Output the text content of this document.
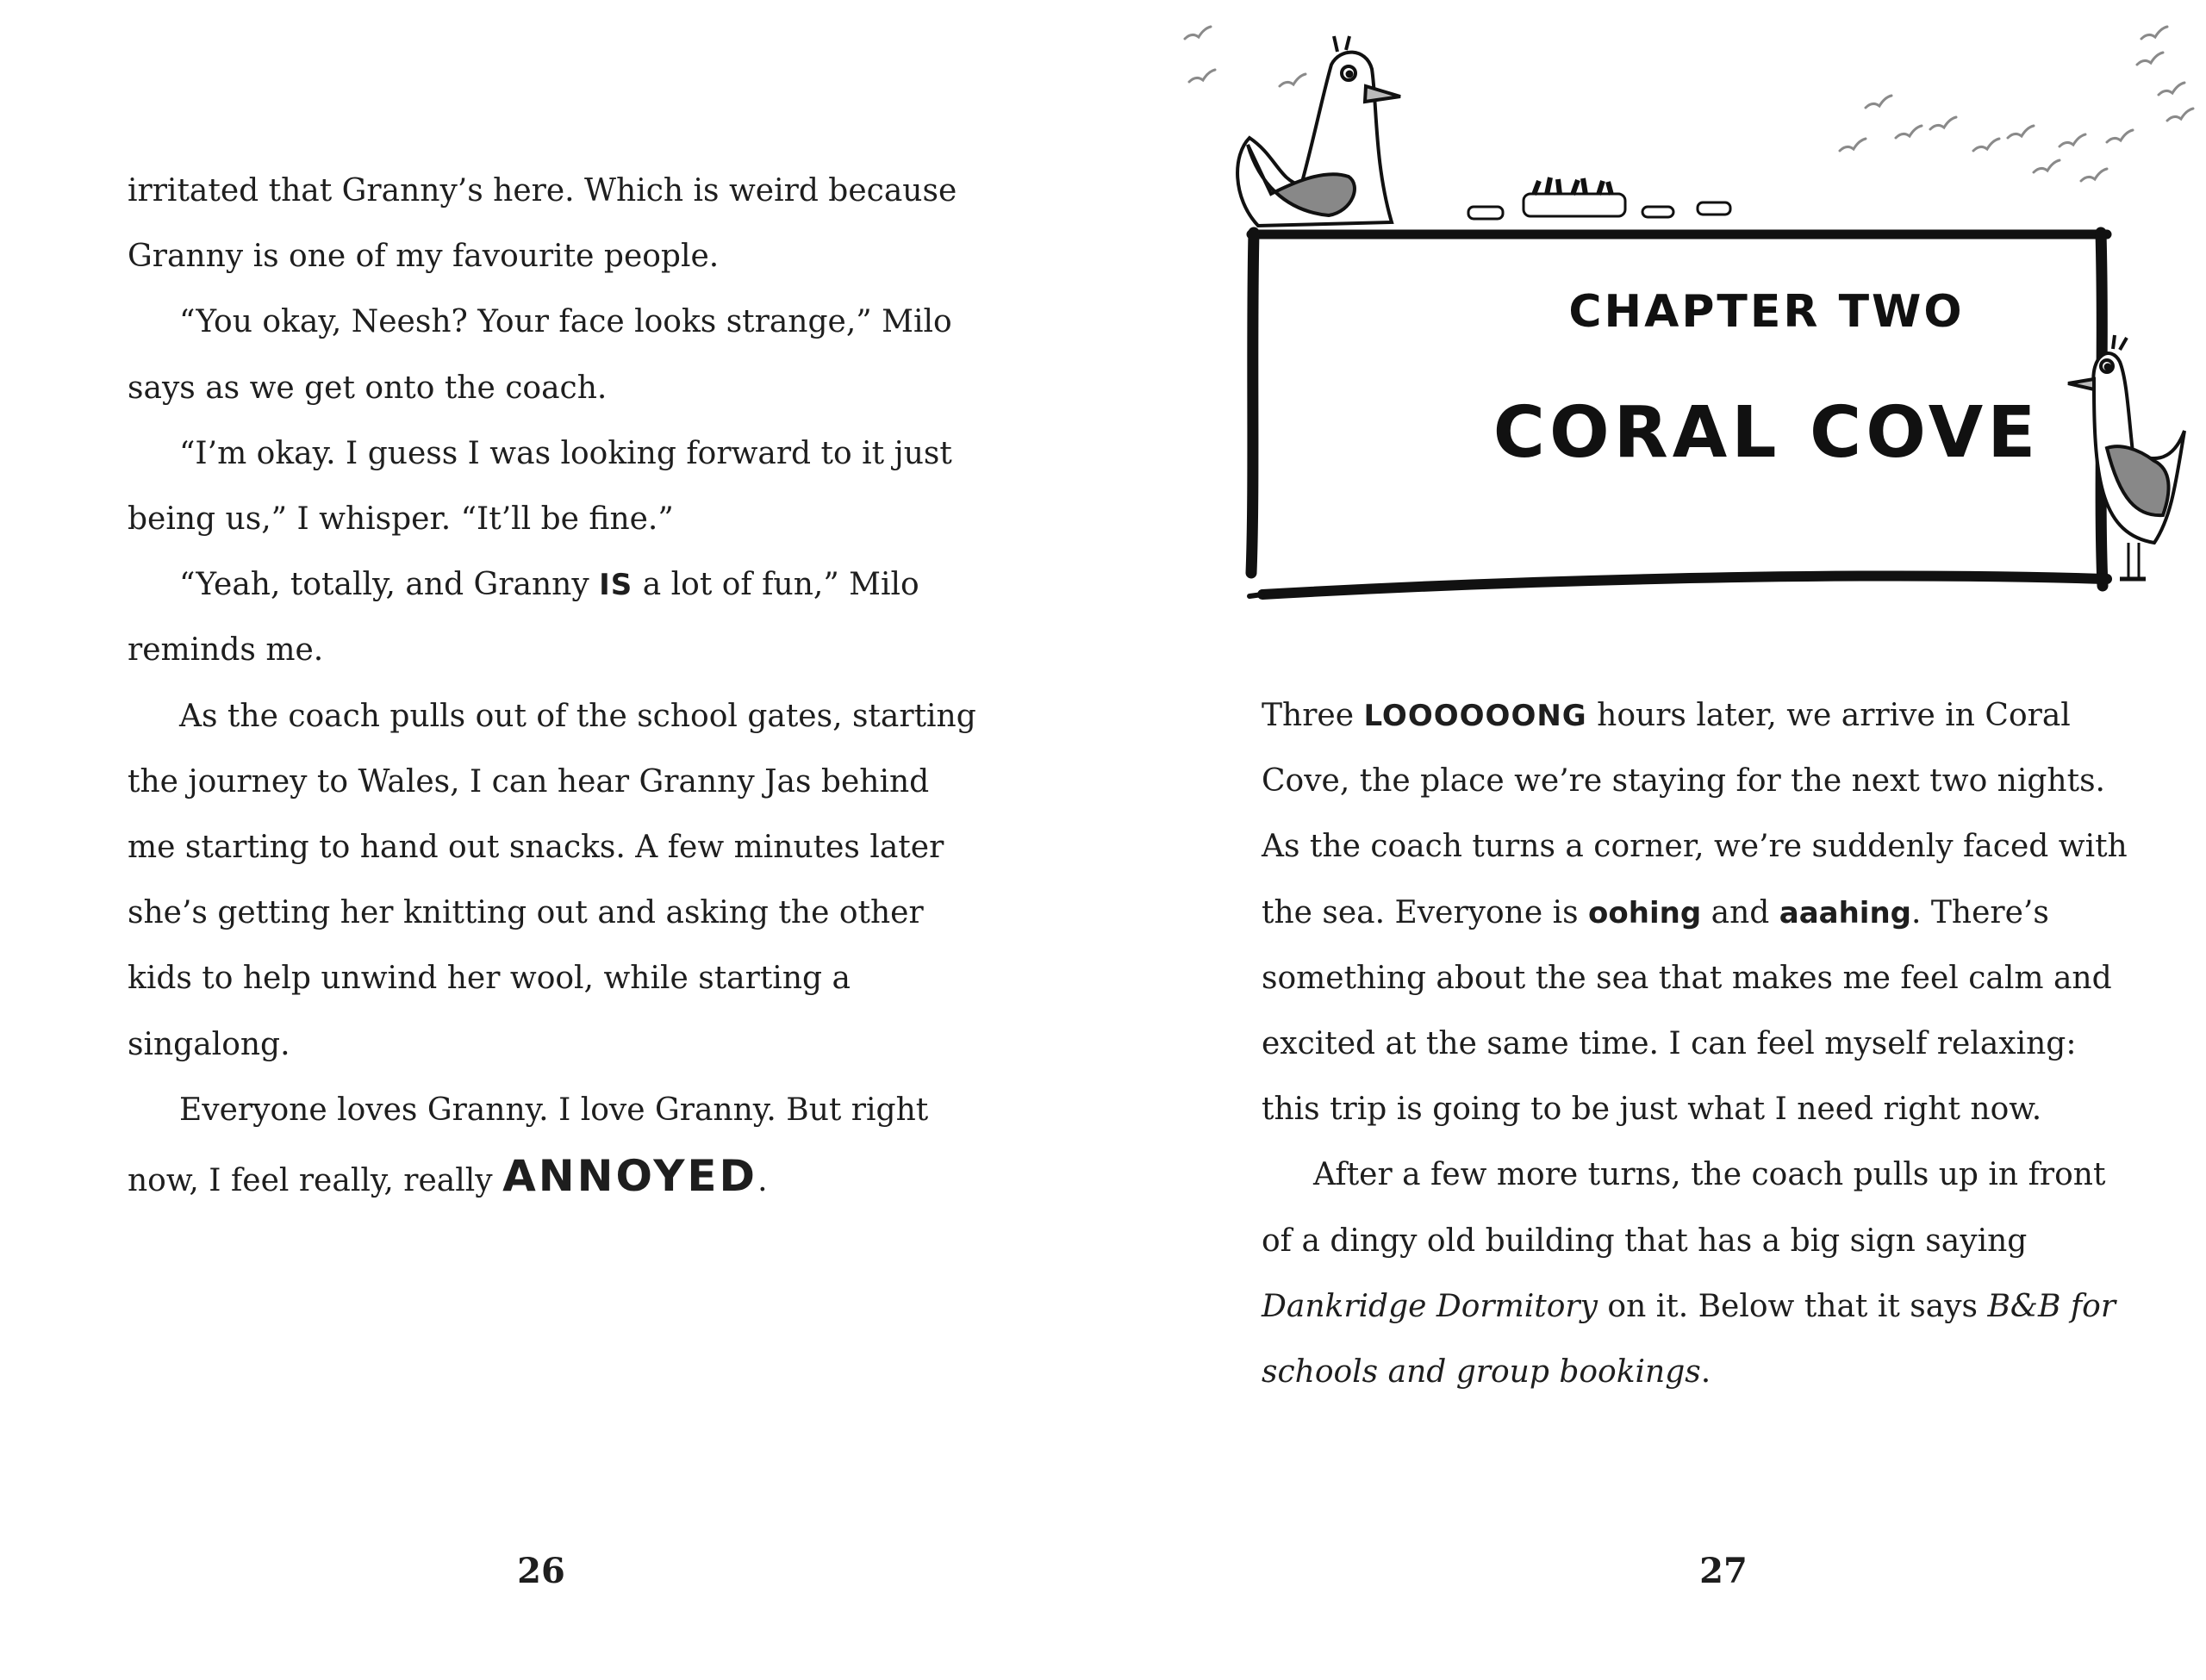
irritated that Granny’s here. Which is weird because Granny is one of my favourite people.

“You okay, Neesh? Your face looks strange,” Milo says as we get onto the coach.

“I’m okay. I guess I was looking forward to it just being us,” I whisper. “It’ll be fine.”

“Yeah, totally, and Granny IS a lot of fun,” Milo reminds me.

As the coach pulls out of the school gates, starting the journey to Wales, I can hear Granny Jas behind me starting to hand out snacks. A few minutes later she’s getting her knitting out and asking the other kids to help unwind her wool, while starting a singalong.

Everyone loves Granny. I love Granny. But right now, I feel really, really ANNOYED.

26
CHAPTER TWO
CORAL COVE

Three LOOOOOONG hours later, we arrive in Coral Cove, the place we’re staying for the next two nights. As the coach turns a corner, we’re suddenly faced with the sea. Everyone is oohing and aaahing. There’s something about the sea that makes me feel calm and excited at the same time. I can feel myself relaxing: this trip is going to be just what I need right now.

After a few more turns, the coach pulls up in front of a dingy old building that has a big sign saying Dankridge Dormitory on it. Below that it says B&B for schools and group bookings.

27
